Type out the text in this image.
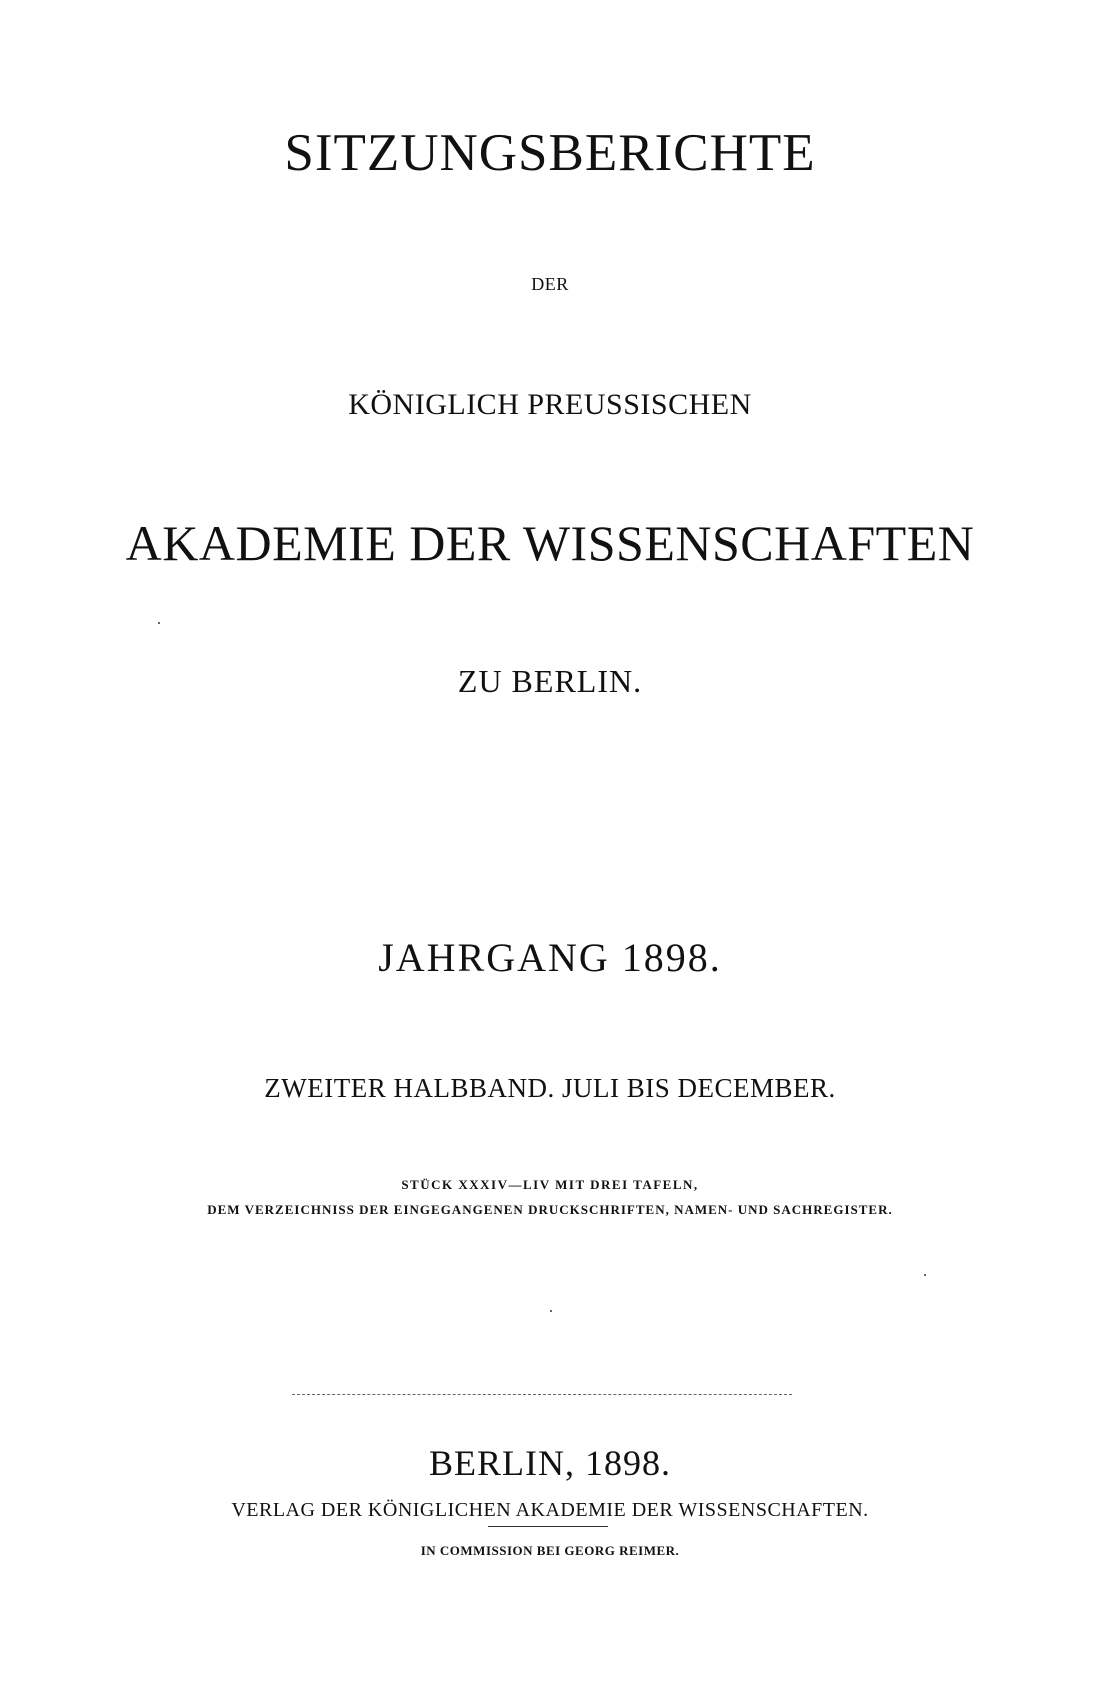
SITZUNGSBERICHTE
DER
KÖNIGLICH PREUSSISCHEN
AKADEMIE DER WISSENSCHAFTEN
ZU BERLIN.
JAHRGANG 1898.
ZWEITER HALBBAND. JULI BIS DECEMBER.
STÜCK XXXIV—LIV MIT DREI TAFELN,
DEM VERZEICHNISS DER EINGEGANGENEN DRUCKSCHRIFTEN, NAMEN- UND SACHREGISTER.
BERLIN, 1898.
VERLAG DER KÖNIGLICHEN AKADEMIE DER WISSENSCHAFTEN.
IN COMMISSION BEI GEORG REIMER.
